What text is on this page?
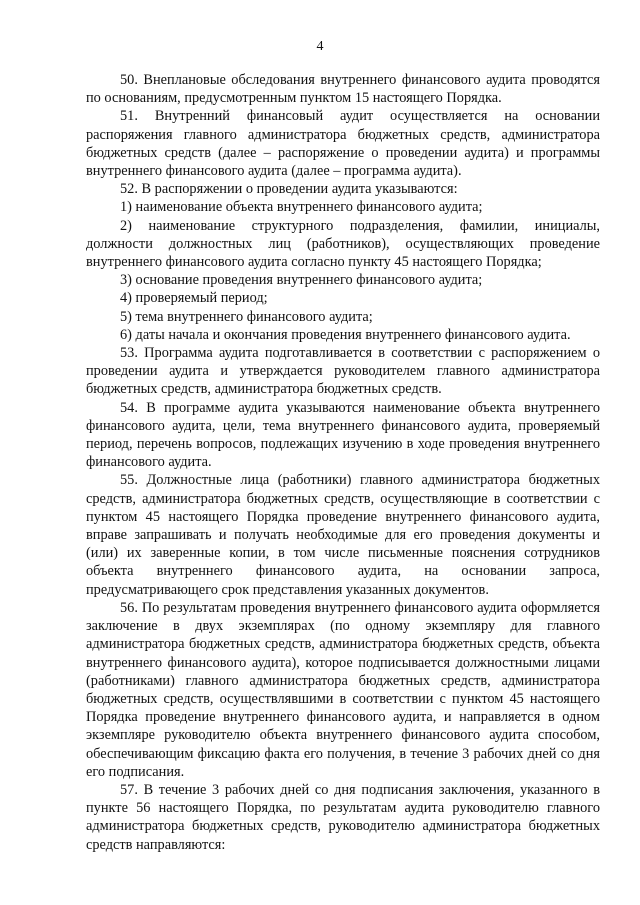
4

50. Внеплановые обследования внутреннего финансового аудита проводятся по основаниям, предусмотренным пунктом 15 настоящего Порядка.

51. Внутренний финансовый аудит осуществляется на основании распоряжения главного администратора бюджетных средств, администратора бюджетных средств (далее – распоряжение о проведении аудита) и программы внутреннего финансового аудита (далее – программа аудита).

52. В распоряжении о проведении аудита указываются:

1) наименование объекта внутреннего финансового аудита;

2) наименование структурного подразделения, фамилии, инициалы, должности должностных лиц (работников), осуществляющих проведение внутреннего финансового аудита согласно пункту 45 настоящего Порядка;

3) основание проведения внутреннего финансового аудита;

4) проверяемый период;

5) тема внутреннего финансового аудита;

6) даты начала и окончания проведения внутреннего финансового аудита.

53. Программа аудита подготавливается в соответствии с распоряжением о проведении аудита и утверждается руководителем главного администратора бюджетных средств, администратора бюджетных средств.

54. В программе аудита указываются наименование объекта внутреннего финансового аудита, цели, тема внутреннего финансового аудита, проверяемый период, перечень вопросов, подлежащих изучению в ходе проведения внутреннего финансового аудита.

55. Должностные лица (работники) главного администратора бюджетных средств, администратора бюджетных средств, осуществляющие в соответствии с пунктом 45 настоящего Порядка проведение внутреннего финансового аудита, вправе запрашивать и получать необходимые для его проведения документы и (или) их заверенные копии, в том числе письменные пояснения сотрудников объекта внутреннего финансового аудита, на основании запроса, предусматривающего срок представления указанных документов.

56. По результатам проведения внутреннего финансового аудита оформляется заключение в двух экземплярах (по одному экземпляру для главного администратора бюджетных средств, администратора бюджетных средств, объекта внутреннего финансового аудита), которое подписывается должностными лицами (работниками) главного администратора бюджетных средств, администратора бюджетных средств, осуществлявшими в соответствии с пунктом 45 настоящего Порядка проведение внутреннего финансового аудита, и направляется в одном экземпляре руководителю объекта внутреннего финансового аудита способом, обеспечивающим фиксацию факта его получения, в течение 3 рабочих дней со дня его подписания.

57. В течение 3 рабочих дней со дня подписания заключения, указанного в пункте 56 настоящего Порядка, по результатам аудита руководителю главного администратора бюджетных средств, руководителю администратора бюджетных средств направляются:
